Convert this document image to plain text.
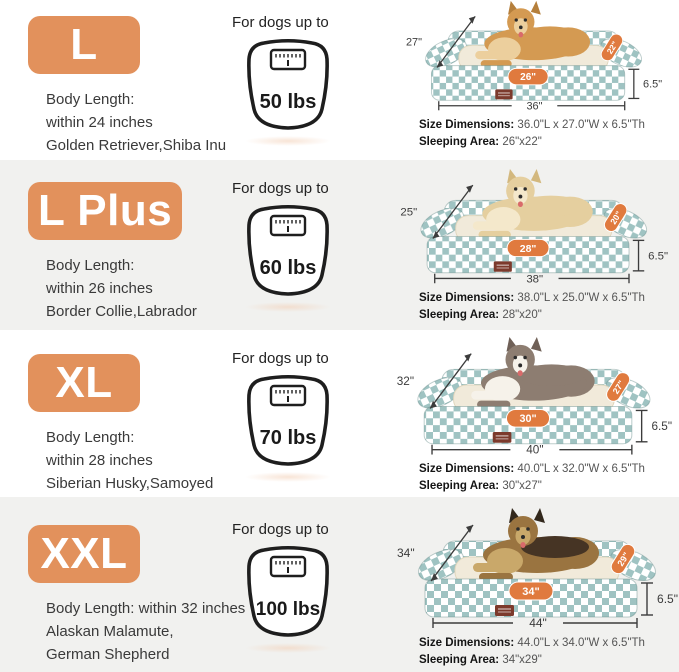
L
Body Length:
within 24 inches
Golden Retriever,Shiba Inu
For dogs up to
50 lbs
26"
22"
27"
36"
6.5"
Size Dimensions: 36.0"L x 27.0"W x 6.5"Th
Sleeping Area: 26"x22"
L Plus
Body Length:
within 26 inches
Border Collie,Labrador
For dogs up to
60 lbs
28"
20"
25"
38"
6.5"
Size Dimensions: 38.0"L x 25.0"W x 6.5"Th
Sleeping Area: 28"x20"
XL
Body Length:
within 28 inches
Siberian Husky,Samoyed
For dogs up to
70 lbs
30"
27"
32"
40"
6.5"
Size Dimensions: 40.0"L x 32.0"W x 6.5"Th
Sleeping Area: 30"x27"
XXL
Body Length: within 32 inches
Alaskan Malamute,
German Shepherd
For dogs up to
100 lbs
34"
29"
34"
44"
6.5"
Size Dimensions: 44.0"L x 34.0"W x 6.5"Th
Sleeping Area: 34"x29"
